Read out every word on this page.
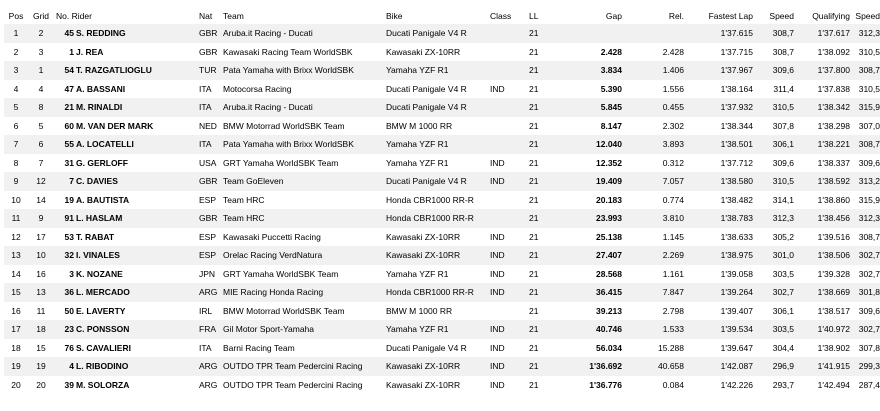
Pos	Grid	No. Rider		Nat	Team	Bike	Class	LL	Gap	Rel.	Fastest Lap	Speed	Qualifying	Speed
1	2	45	S. REDDING	GBR	Aruba.it Racing - Ducati	Ducati Panigale V4 R		21			1'37.615	308,7	1'37.617	312,3
2	3	1	J. REA	GBR	Kawasaki Racing Team WorldSBK	Kawasaki ZX-10RR		21	2.428	2.428	1'37.715	308,7	1'38.092	310,5
3	1	54	T. RAZGATLIOGLU	TUR	Pata Yamaha with Brixx WorldSBK	Yamaha YZF R1		21	3.834	1.406	1'37.967	309,6	1'37.800	308,7
4	4	47	A. BASSANI	ITA	Motocorsa Racing	Ducati Panigale V4 R	IND	21	5.390	1.556	1'38.164	311,4	1'37.838	310,5
5	8	21	M. RINALDI	ITA	Aruba.it Racing - Ducati	Ducati Panigale V4 R		21	5.845	0.455	1'37.932	310,5	1'38.342	315,9
6	5	60	M. VAN DER MARK	NED	BMW Motorrad WorldSBK Team	BMW M 1000 RR		21	8.147	2.302	1'38.344	307,8	1'38.298	307,0
7	6	55	A. LOCATELLI	ITA	Pata Yamaha with Brixx WorldSBK	Yamaha YZF R1		21	12.040	3.893	1'38.501	306,1	1'38.221	308,7
8	7	31	G. GERLOFF	USA	GRT Yamaha WorldSBK Team	Yamaha YZF R1	IND	21	12.352	0.312	1'37.712	309,6	1'38.337	309,6
9	12	7	C. DAVIES	GBR	Team GoEleven	Ducati Panigale V4 R	IND	21	19.409	7.057	1'38.580	310,5	1'38.592	313,2
10	14	19	A. BAUTISTA	ESP	Team HRC	Honda CBR1000 RR-R		21	20.183	0.774	1'38.482	314,1	1'38.860	315,9
11	9	91	L. HASLAM	GBR	Team HRC	Honda CBR1000 RR-R		21	23.993	3.810	1'38.783	312,3	1'38.456	312,3
12	17	53	T. RABAT	ESP	Kawasaki Puccetti Racing	Kawasaki ZX-10RR	IND	21	25.138	1.145	1'38.633	305,2	1'39.516	308,7
13	10	32	I. VINALES	ESP	Orelac Racing VerdNatura	Kawasaki ZX-10RR	IND	21	27.407	2.269	1'38.975	301,0	1'38.506	302,7
14	16	3	K. NOZANE	JPN	GRT Yamaha WorldSBK Team	Yamaha YZF R1	IND	21	28.568	1.161	1'39.058	303,5	1'39.328	302,7
15	13	36	L. MERCADO	ARG	MIE Racing Honda Racing	Honda CBR1000 RR-R	IND	21	36.415	7.847	1'39.264	302,7	1'38.669	301,8
16	11	50	E. LAVERTY	IRL	BMW Motorrad WorldSBK Team	BMW M 1000 RR		21	39.213	2.798	1'39.407	306,1	1'38.517	309,6
17	18	23	C. PONSSON	FRA	Gil Motor Sport-Yamaha	Yamaha YZF R1	IND	21	40.746	1.533	1'39.534	303,5	1'40.972	302,7
18	15	76	S. CAVALIERI	ITA	Barni Racing Team	Ducati Panigale V4 R	IND	21	56.034	15.288	1'39.647	304,4	1'38.902	307,8
19	19	4	L. RIBODINO	ARG	OUTDO TPR Team Pedercini Racing	Kawasaki ZX-10RR	IND	21	1'36.692	40.658	1'42.087	296,9	1'41.915	299,3
20	20	39	M. SOLORZA	ARG	OUTDO TPR Team Pedercini Racing	Kawasaki ZX-10RR	IND	21	1'36.776	0.084	1'42.226	293,7	1'42.494	287,4
